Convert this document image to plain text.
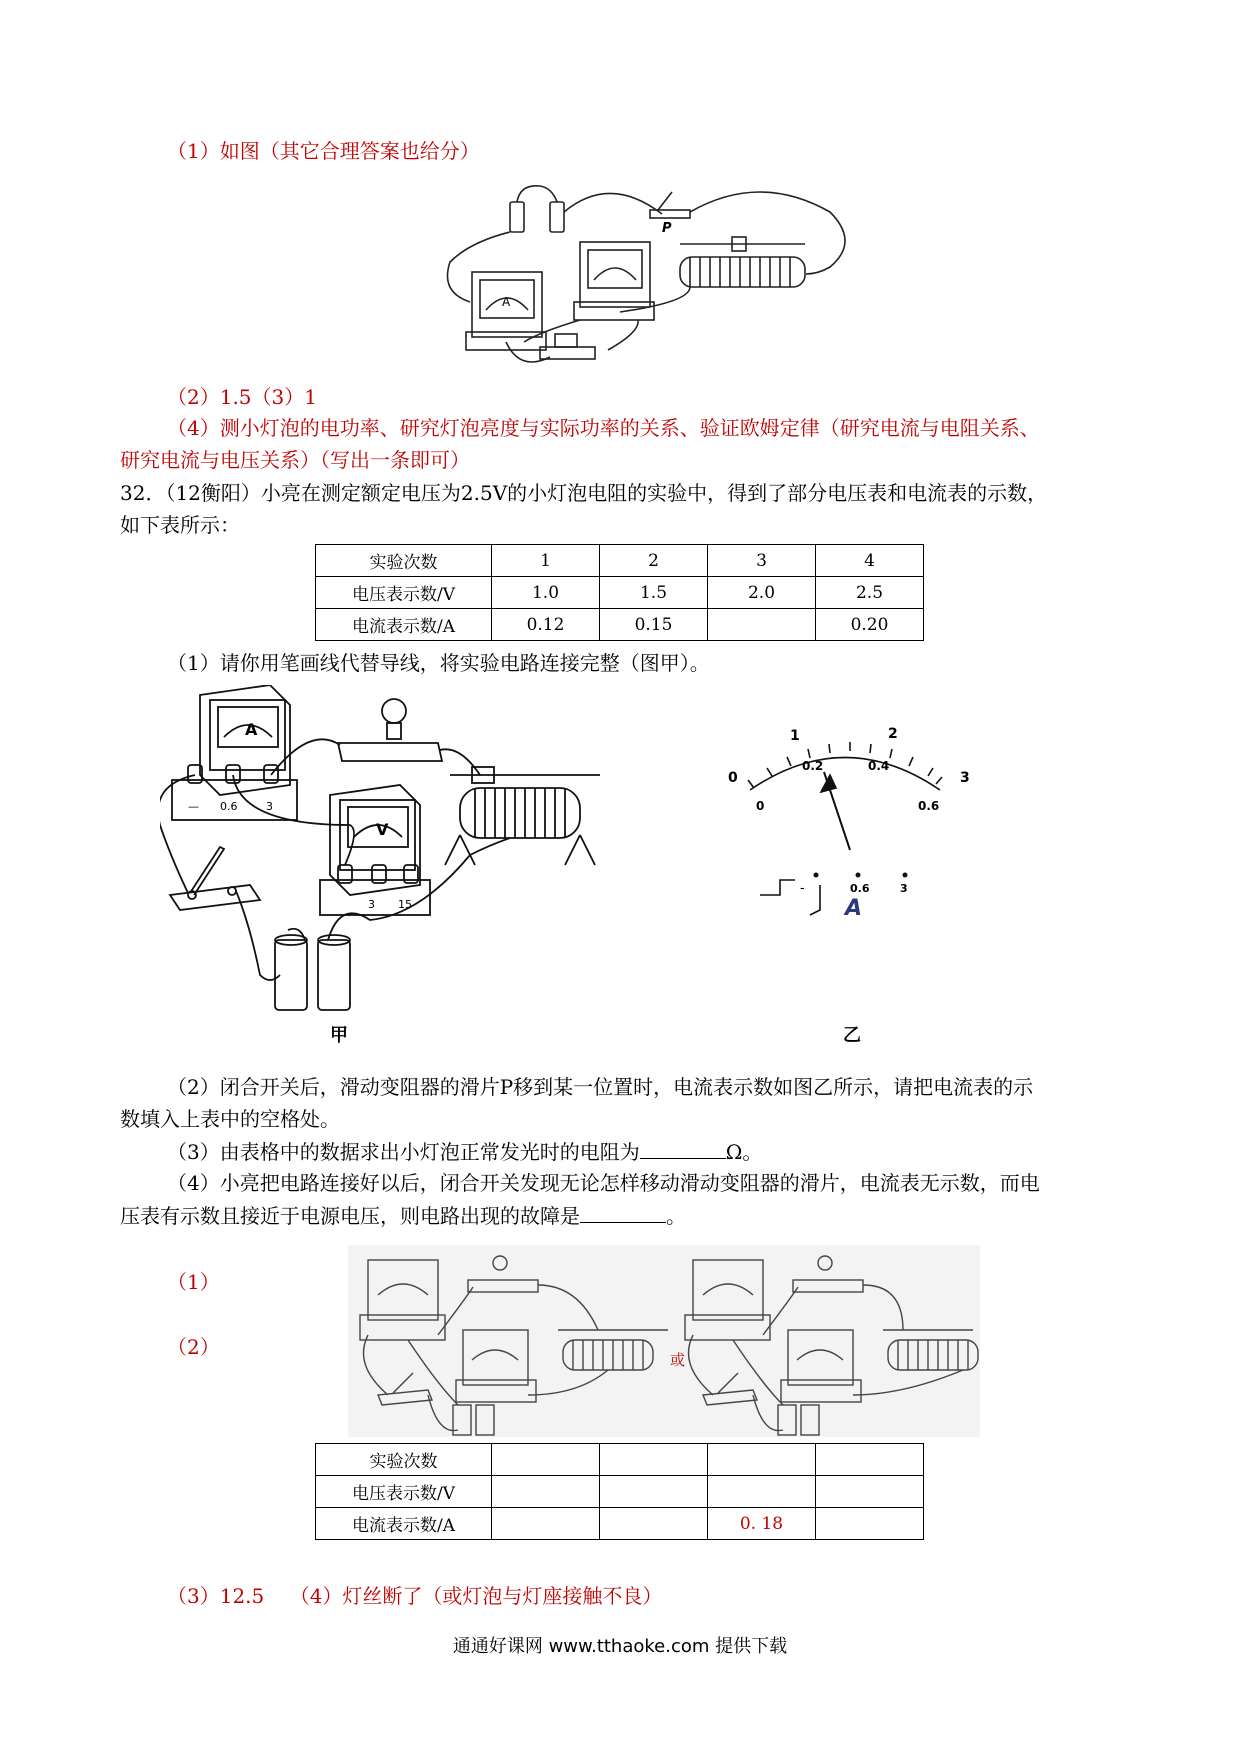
（1）如图（其它合理答案也给分）
P
A
（2）1.5（3）1
（4）测小灯泡的电功率、研究灯泡亮度与实际功率的关系、验证欧姆定律（研究电流与电阻关系、
研究电流与电压关系）（写出一条即可）
32．（12衡阳）小亮在测定额定电压为2.5V的小灯泡电阻的实验中，得到了部分电压表和电流表的示数，
如下表所示：
实验次数	1	2	3	4
电压表示数/V	1.0	1.5	2.0	2.5
电流表示数/A	0.12	0.15		0.20
（1）请你用笔画线代替导线，将实验电路连接完整（图甲）。
A
V
— 0.6	3
3 15
1	2
0	3
0
0.2	0.4
0.6
-	0.6	3
A
甲	乙
（2）闭合开关后，滑动变阻器的滑片P移到某一位置时，电流表示数如图乙所示，请把电流表的示
数填入上表中的空格处。
（3）由表格中的数据求出小灯泡正常发光时的电阻为	Ω。
（4）小亮把电路连接好以后，闭合开关发现无论怎样移动滑动变阻器的滑片，电流表无示数，而电
压表有示数且接近于电源电压，则电路出现的故障是	。
（1）
（2）
或
实验次数				
电压表示数/V				
电流表示数/A			0. 18	
（3）12.5 （4）灯丝断了（或灯泡与灯座接触不良）
通通好课网 www.tthaoke.com 提供下载
